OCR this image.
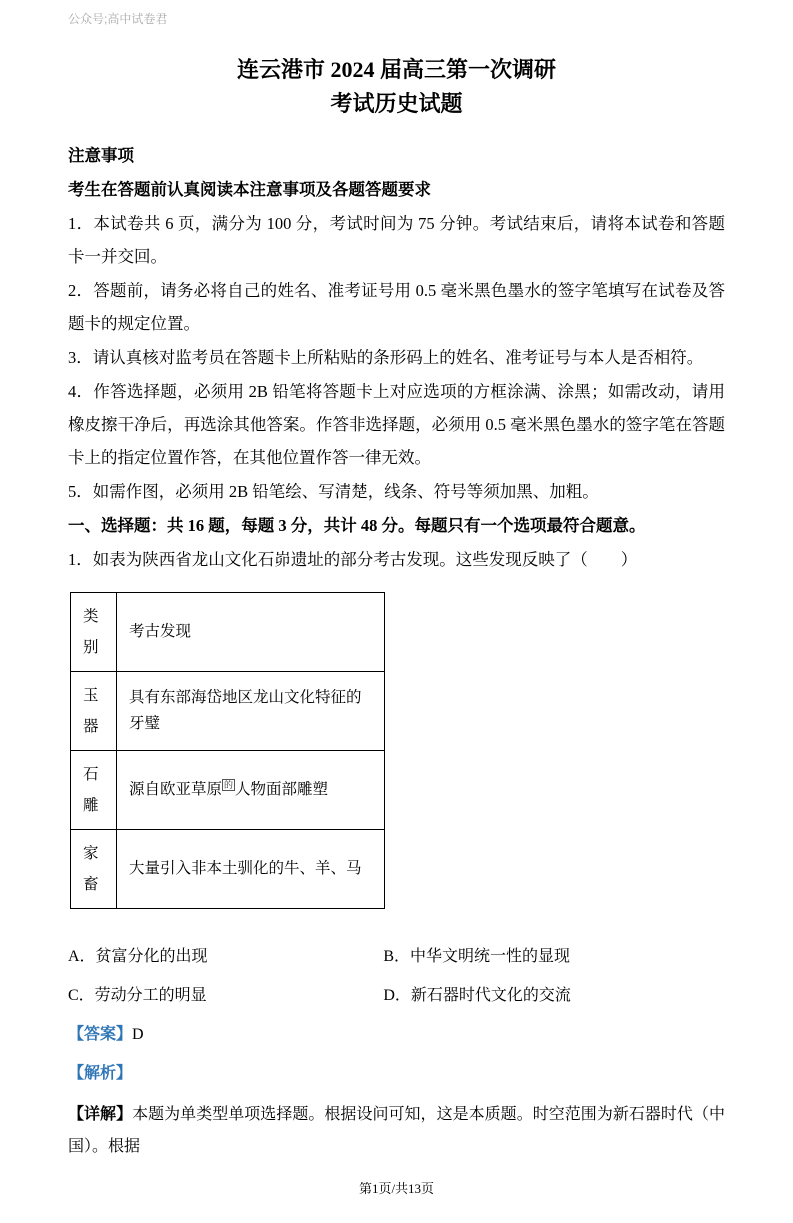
公众号;高中试卷君

连云港市 2024 届高三第一次调研

考试历史试题

注意事项

考生在答题前认真阅读本注意事项及各题答题要求

1．本试卷共 6 页，满分为 100 分，考试时间为 75 分钟。考试结束后，请将本试卷和答题卡一并交回。

2．答题前，请务必将自己的姓名、准考证号用 0.5 毫米黑色墨水的签字笔填写在试卷及答题卡的规定位置。

3．请认真核对监考员在答题卡上所粘贴的条形码上的姓名、准考证号与本人是否相符。

4．作答选择题，必须用 2B 铅笔将答题卡上对应选项的方框涂满、涂黑；如需改动，请用橡皮擦干净后，再选涂其他答案。作答非选择题，必须用 0.5 毫米黑色墨水的签字笔在答题卡上的指定位置作答，在其他位置作答一律无效。

5．如需作图，必须用 2B 铅笔绘、写清楚，线条、符号等须加黑、加粗。

一、选择题：共 16 题，每题 3 分，共计 48 分。每题只有一个选项最符合题意。

1．如表为陕西省龙山文化石峁遗址的部分考古发现。这些发现反映了（　　）

类别	考古发现
玉器	具有东部海岱地区龙山文化特征的牙璧
石雕	源自欧亚草原 的 人物面部雕塑
家畜	大量引入非本土驯化的牛、羊、马
A．贫富分化的出现	B．中华文明统一性的显现
C．劳动分工的明显	D．新石器时代文化的交流

【答案】D

【解析】

【详解】本题为单类型单项选择题。根据设问可知，这是本质题。时空范围为新石器时代（中国）。根据

第1页/共13页
